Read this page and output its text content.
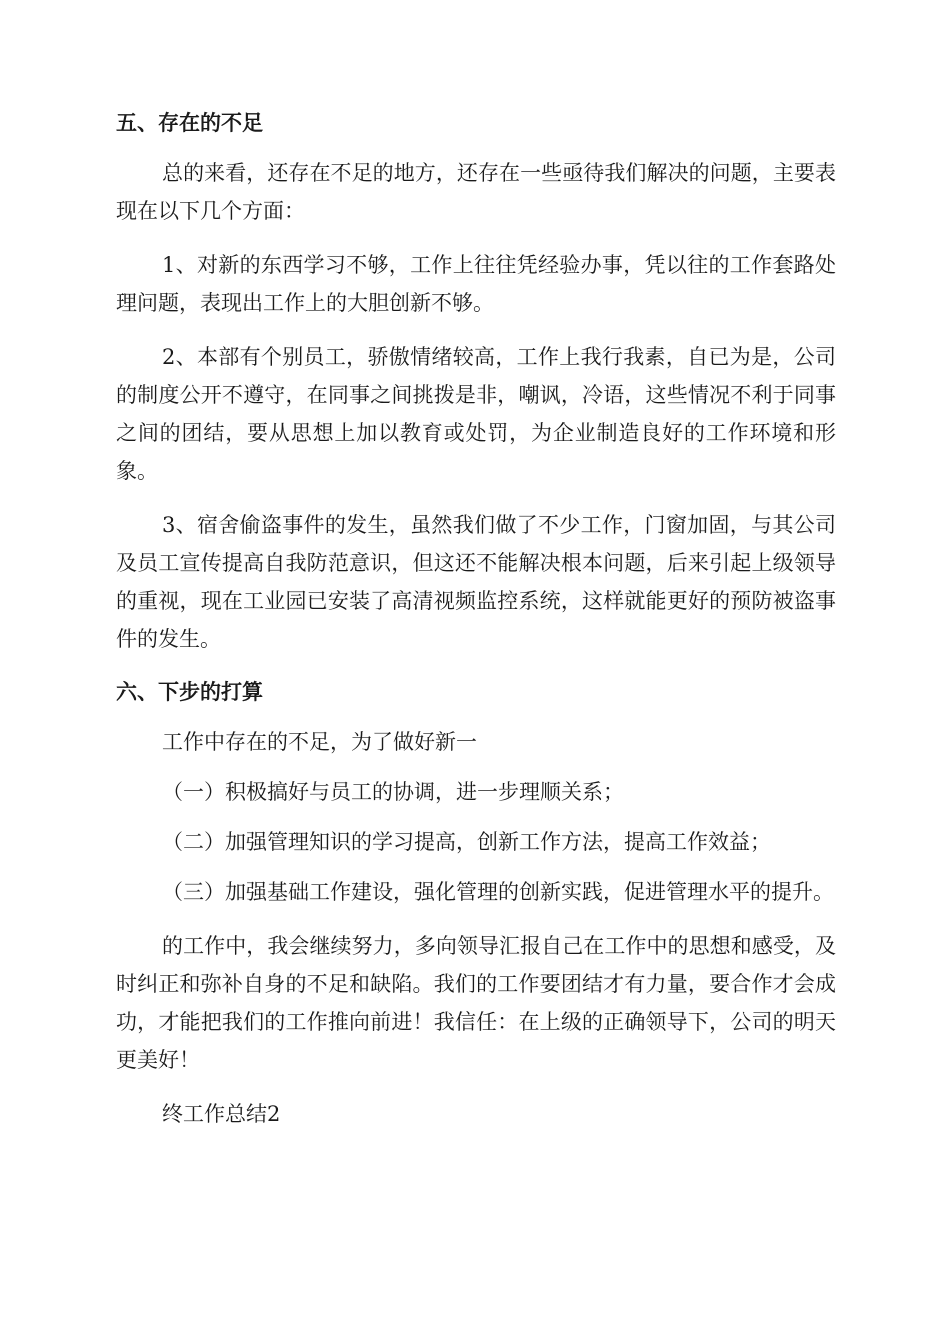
五、存在的不足

总的来看，还存在不足的地方，还存在一些亟待我们解决的问题，主要表现在以下几个方面：

1、对新的东西学习不够，工作上往往凭经验办事，凭以往的工作套路处理问题，表现出工作上的大胆创新不够。

2、本部有个别员工，骄傲情绪较高，工作上我行我素，自已为是，公司的制度公开不遵守，在同事之间挑拨是非，嘲讽，冷语，这些情况不利于同事之间的团结，要从思想上加以教育或处罚，为企业制造良好的工作环境和形象。

3、宿舍偷盗事件的发生，虽然我们做了不少工作，门窗加固，与其公司及员工宣传提高自我防范意识，但这还不能解决根本问题，后来引起上级领导的重视，现在工业园已安装了高清视频监控系统，这样就能更好的预防被盗事件的发生。

六、下步的打算

工作中存在的不足，为了做好新一

（一）积极搞好与员工的协调，进一步理顺关系；

（二）加强管理知识的学习提高，创新工作方法，提高工作效益；

（三）加强基础工作建设，强化管理的创新实践，促进管理水平的提升。

的工作中，我会继续努力，多向领导汇报自己在工作中的思想和感受，及时纠正和弥补自身的不足和缺陷。我们的工作要团结才有力量，要合作才会成功，才能把我们的工作推向前进！我信任：在上级的正确领导下，公司的明天更美好！

终工作总结2
